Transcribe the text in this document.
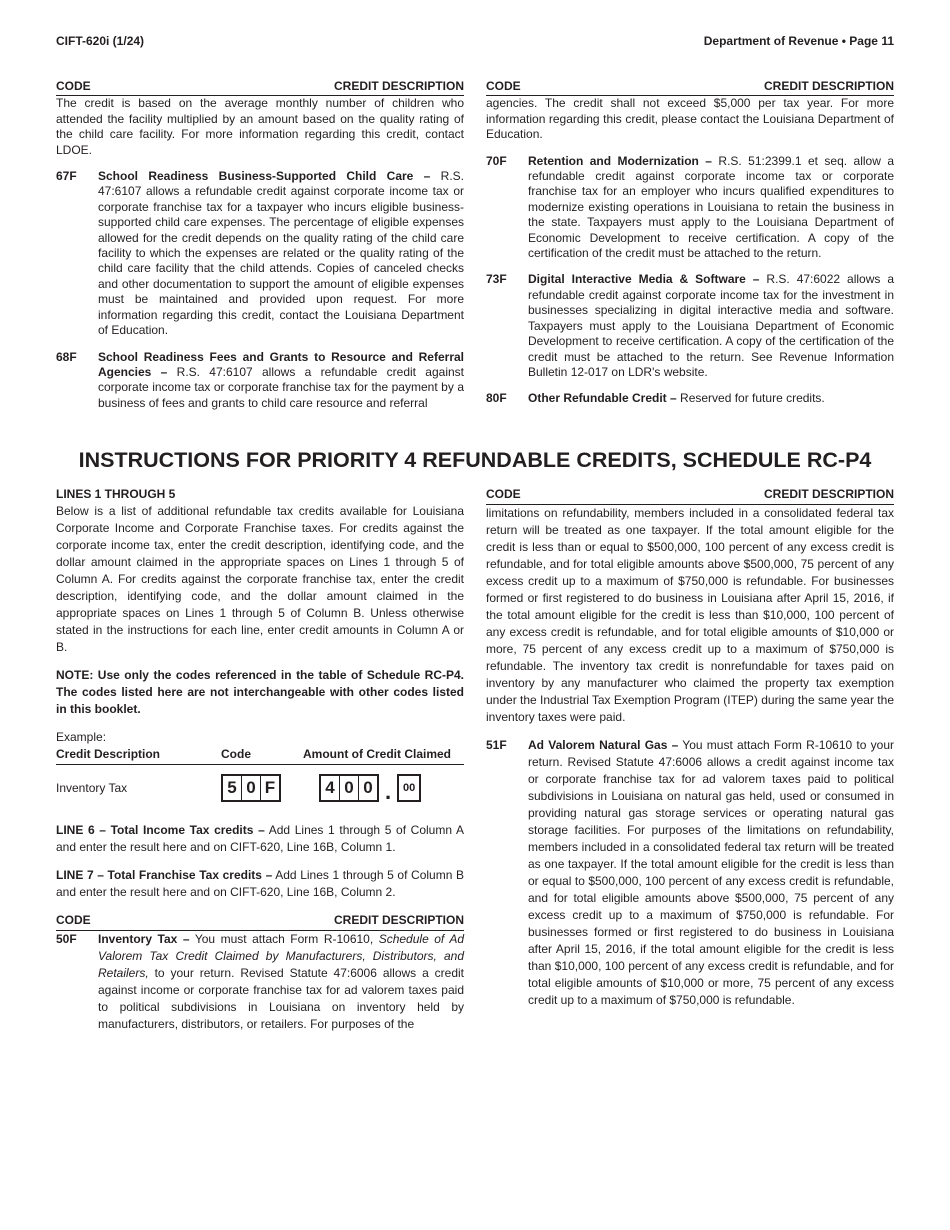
CIFT-620i (1/24)	Department of Revenue • Page 11
CODE	CREDIT DESCRIPTION

The credit is based on the average monthly number of children who attended the facility multiplied by an amount based on the quality rating of the child care facility. For more information regarding this credit, contact LDOE.

67F	School Readiness Business-Supported Child Care – R.S. 47:6107 allows a refundable credit against corporate income tax or corporate franchise tax for a taxpayer who incurs eligible business-supported child care expenses. The percentage of eligible expenses allowed for the credit depends on the quality rating of the child care facility to which the expenses are related or the quality rating of the child care facility that the child attends. Copies of canceled checks and other documentation to support the amount of eligible expenses must be maintained and provided upon request. For more information regarding this credit, contact the Louisiana Department of Education.
68F	School Readiness Fees and Grants to Resource and Referral Agencies – R.S. 47:6107 allows a refundable credit against corporate income tax or corporate franchise tax for the payment by a business of fees and grants to child care resource and referral
CODE	CREDIT DESCRIPTION

agencies. The credit shall not exceed $5,000 per tax year. For more information regarding this credit, please contact the Louisiana Department of Education.

70F	Retention and Modernization – R.S. 51:2399.1 et seq. allow a refundable credit against corporate income tax or corporate franchise tax for an employer who incurs qualified expenditures to modernize existing operations in Louisiana to retain the business in the state. Taxpayers must apply to the Louisiana Department of Economic Development to receive certification. A copy of the certification of the credit must be attached to the return.
73F	Digital Interactive Media & Software – R.S. 47:6022 allows a refundable credit against corporate income tax for the investment in businesses specializing in digital interactive media and software. Taxpayers must apply to the Louisiana Department of Economic Development to receive certification. A copy of the certification of the credit must be attached to the return. See Revenue Information Bulletin 12-017 on LDR's website.
80F	Other Refundable Credit – Reserved for future credits.
INSTRUCTIONS FOR PRIORITY 4 REFUNDABLE CREDITS, SCHEDULE RC-P4
LINES 1 THROUGH 5

Below is a list of additional refundable tax credits available for Louisiana Corporate Income and Corporate Franchise taxes. For credits against the corporate income tax, enter the credit description, identifying code, and the dollar amount claimed in the appropriate spaces on Lines 1 through 5 of Column A. For credits against the corporate franchise tax, enter the credit description, identifying code, and the dollar amount claimed in the appropriate spaces on Lines 1 through 5 of Column B. Unless otherwise stated in the instructions for each line, enter credit amounts in Column A or B.

NOTE: Use only the codes referenced in the table of Schedule RC-P4. The codes listed here are not interchangeable with other codes listed in this booklet.

Example:
Credit Description	Code	Amount of Credit Claimed
Inventory Tax	5 0 F	4 0 0 .	00

LINE 6 – Total Income Tax credits – Add Lines 1 through 5 of Column A and enter the result here and on CIFT-620, Line 16B, Column 1.

LINE 7 – Total Franchise Tax credits – Add Lines 1 through 5 of Column B and enter the result here and on CIFT-620, Line 16B, Column 2.

CODE	CREDIT DESCRIPTION
50F	Inventory Tax – You must attach Form R-10610, Schedule of Ad Valorem Tax Credit Claimed by Manufacturers, Distributors, and Retailers, to your return. Revised Statute 47:6006 allows a credit against income or corporate franchise tax for ad valorem taxes paid to political subdivisions in Louisiana on inventory held by manufacturers, distributors, or retailers. For purposes of the
CODE	CREDIT DESCRIPTION

limitations on refundability, members included in a consolidated federal tax return will be treated as one taxpayer. If the total amount eligible for the credit is less than or equal to $500,000, 100 percent of any excess credit is refundable, and for total eligible amounts above $500,000, 75 percent of any excess credit up to a maximum of $750,000 is refundable. For businesses formed or first registered to do business in Louisiana after April 15, 2016, if the total amount eligible for the credit is less than $10,000, 100 percent of any excess credit is refundable, and for total eligible amounts of $10,000 or more, 75 percent of any excess credit up to a maximum of $750,000 is refundable. The inventory tax credit is nonrefundable for taxes paid on inventory by any manufacturer who claimed the property tax exemption under the Industrial Tax Exemption Program (ITEP) during the same year the inventory taxes were paid.

51F	Ad Valorem Natural Gas – You must attach Form R-10610 to your return. Revised Statute 47:6006 allows a credit against income tax or corporate franchise tax for ad valorem taxes paid to political subdivisions in Louisiana on natural gas held, used or consumed in providing natural gas storage services or operating natural gas storage facilities. For purposes of the limitations on refundability, members included in a consolidated federal tax return will be treated as one taxpayer. If the total amount eligible for the credit is less than or equal to $500,000, 100 percent of any excess credit is refundable, and for total eligible amounts above $500,000, 75 percent of any excess credit up to a maximum of $750,000 is refundable. For businesses formed or first registered to do business in Louisiana after April 15, 2016, if the total amount eligible for the credit is less than $10,000, 100 percent of any excess credit is refundable, and for total eligible amounts of $10,000 or more, 75 percent of any excess credit up to a maximum of $750,000 is refundable.
